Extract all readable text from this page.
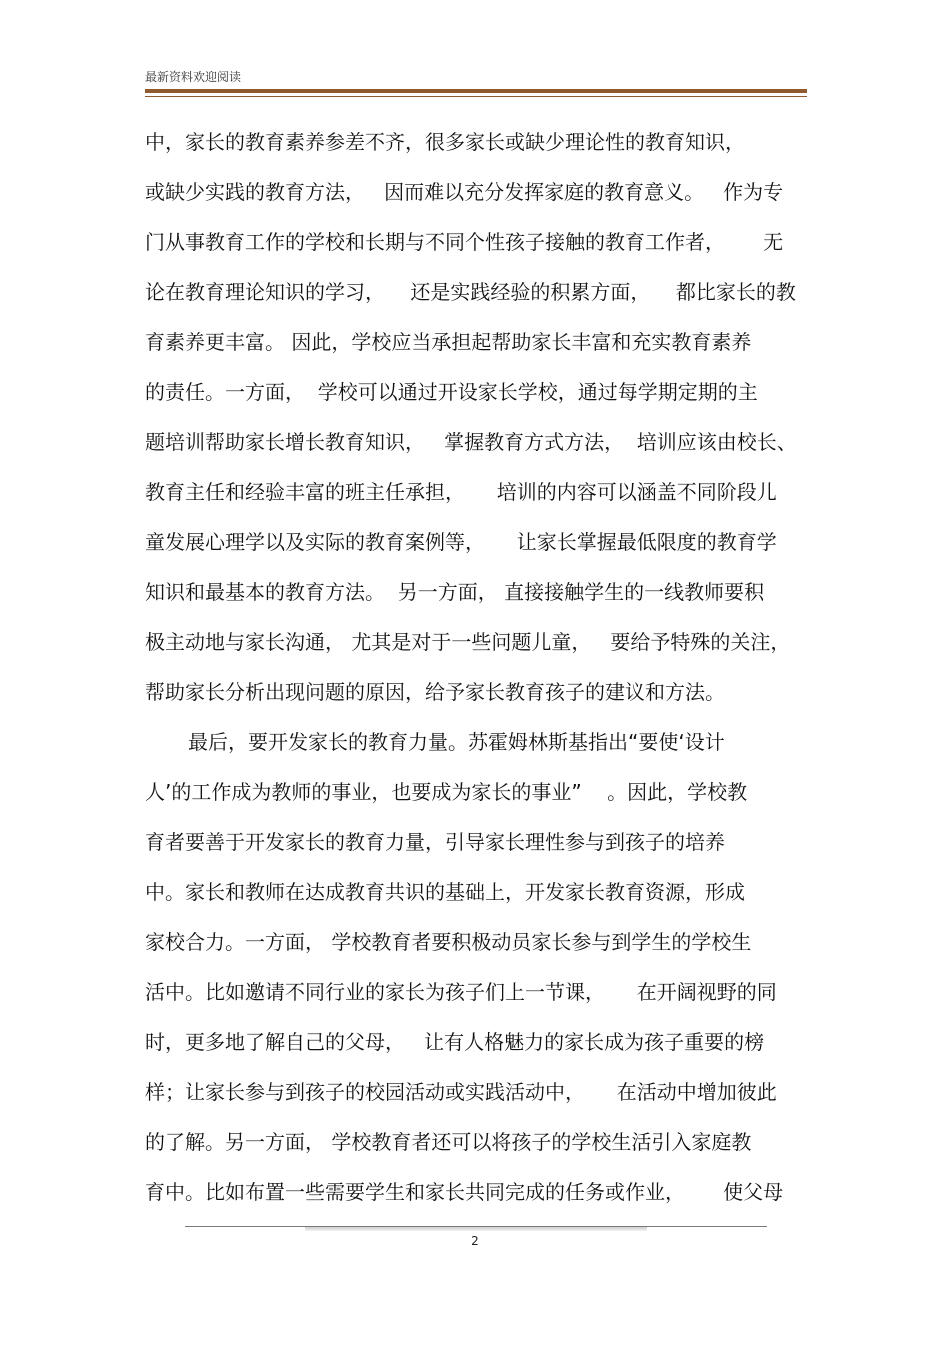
最新资料欢迎阅读
中，家长的教育素养参差不齐，很多家长或缺少理论性的教育知识，
或缺少实践的教育方法，   因而难以充分发挥家庭的教育意义。   作为专
门从事教育工作的学校和长期与不同个性孩子接触的教育工作者，      无
论在教育理论知识的学习，    还是实践经验的积累方面，    都比家长的教
育素养更丰富。 因此，学校应当承担起帮助家长丰富和充实教育素养
的责任。一方面，  学校可以通过开设家长学校，通过每学期定期的主
题培训帮助家长增长教育知识，   掌握教育方式方法，  培训应该由校长、
教育主任和经验丰富的班主任承担，     培训的内容可以涵盖不同阶段儿
童发展心理学以及实际的教育案例等，     让家长掌握最低限度的教育学
知识和最基本的教育方法。  另一方面， 直接接触学生的一线教师要积
极主动地与家长沟通， 尤其是对于一些问题儿童，   要给予特殊的关注，
帮助家长分析出现问题的原因，给予家长教育孩子的建议和方法。
最后，要开发家长的教育力量。苏霍姆林斯基指出“要使‘设计
人’的工作成为教师的事业，也要成为家长的事业”    。因此，学校教
育者要善于开发家长的教育力量，引导家长理性参与到孩子的培养
中。家长和教师在达成教育共识的基础上，开发家长教育资源，形成
家校合力。一方面， 学校教育者要积极动员家长参与到学生的学校生
活中。比如邀请不同行业的家长为孩子们上一节课，     在开阔视野的同
时，更多地了解自己的父母，   让有人格魅力的家长成为孩子重要的榜
样；让家长参与到孩子的校园活动或实践活动中，     在活动中增加彼此
的了解。另一方面， 学校教育者还可以将孩子的学校生活引入家庭教
育中。比如布置一些需要学生和家长共同完成的任务或作业，      使父母
2
